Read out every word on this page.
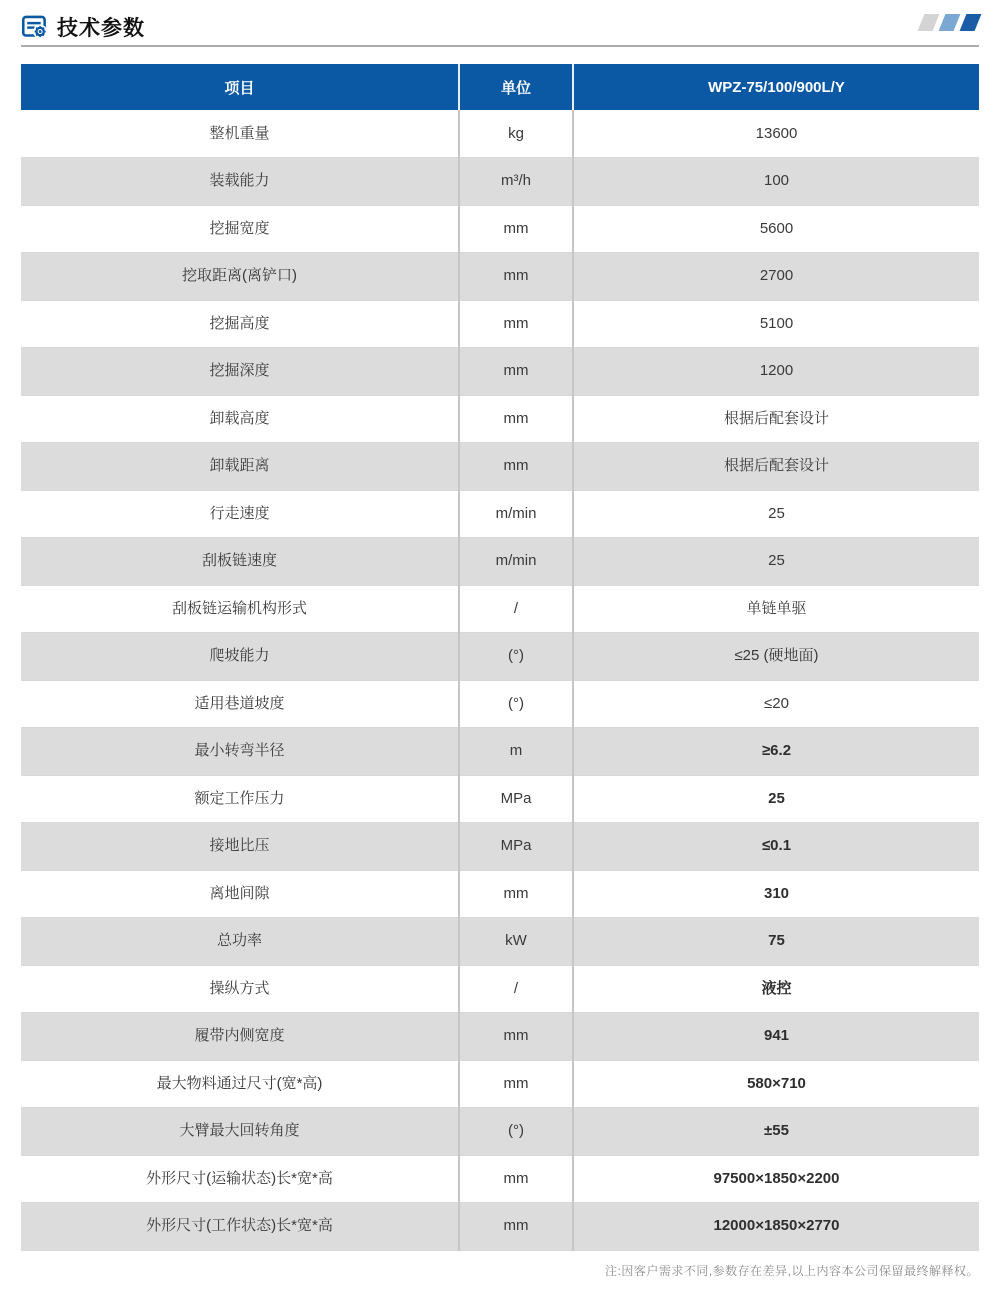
技术参数
项目	单位	WPZ-75/100/900L/Y
整机重量	kg	13600
装载能力	m³/h	100
挖掘宽度	mm	5600
挖取距离(离铲口)	mm	2700
挖掘高度	mm	5100
挖掘深度	mm	1200
卸载高度	mm	根据后配套设计
卸载距离	mm	根据后配套设计
行走速度	m/min	25
刮板链速度	m/min	25
刮板链运输机构形式	/	单链单驱
爬坡能力	(°)	≤25 (硬地面)
适用巷道坡度	(°)	≤20
最小转弯半径	m	≥6.2
额定工作压力	MPa	25
接地比压	MPa	≤0.1
离地间隙	mm	310
总功率	kW	75
操纵方式	/	液控
履带内侧宽度	mm	941
最大物料通过尺寸(宽*高)	mm	580×710
大臂最大回转角度	(°)	±55
外形尺寸(运输状态)长*宽*高	mm	97500×1850×2200
外形尺寸(工作状态)长*宽*高	mm	12000×1850×2770
注:因客户需求不同,参数存在差异,以上内容本公司保留最终解释权。
